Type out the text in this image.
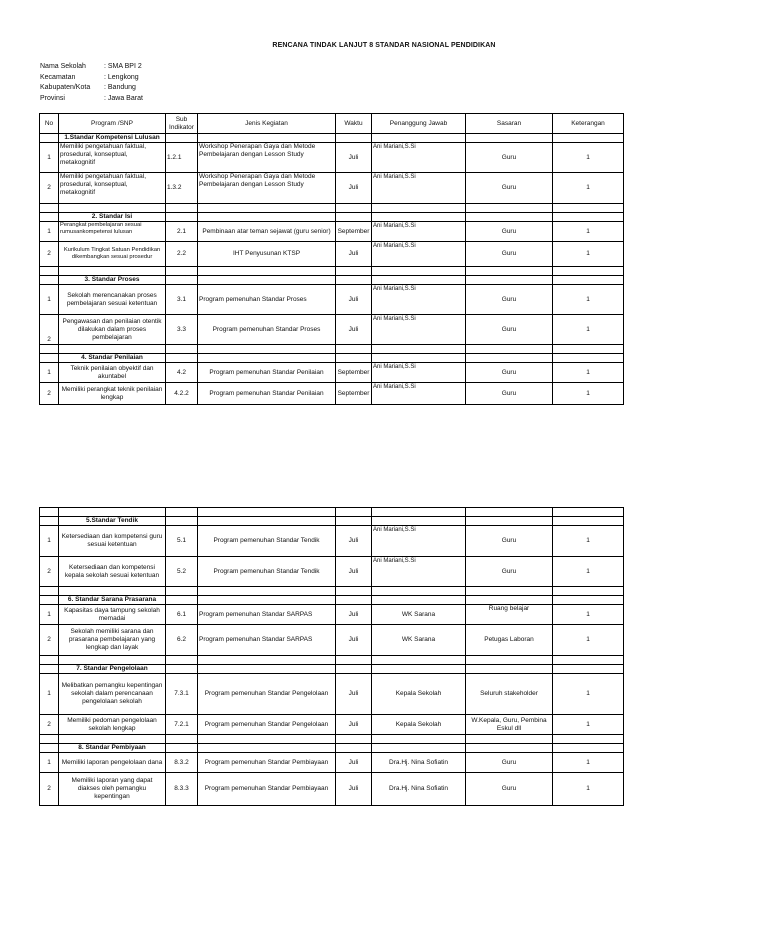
RENCANA TINDAK LANJUT 8 STANDAR NASIONAL PENDIDIKAN
Nama Sekolah	: SMA BPI 2
Kecamatan	: Lengkong
Kabupaten/Kota	: Bandung
Provinsi	: Jawa Barat
No	Program /SNP	Sub Indikator	Jenis Kegiatan	Waktu	Penanggung Jawab	Sasaran	Keterangan
	1.Standar Kompetensi Lulusan						
1	Memiliki pengetahuan faktual, prosedural, konseptual, metakognitif	1.2.1	Workshop Penerapan Gaya dan Metode Pembelajaran dengan Lesson Study	Juli	Ani Mariani,S.Si	Guru	1
2	Memiliki pengetahuan faktual, prosedural, konseptual, metakognitif	1.3.2	Workshop Penerapan Gaya dan Metode Pembelajaran dengan Lesson Study	Juli	Ani Mariani,S.Si	Guru	1

	2. Standar Isi						
1	Perangkat pembelajaran sesuai rumusankompetensi lulusan	2.1	Pembinaan atar teman sejawat (guru senior)	September	Ani Mariani,S.Si	Guru	1
2	Kurikulum Tingkat Satuan Pendidikan dikembangkan sesuai prosedur	2.2	IHT Penyusunan KTSP	Juli	Ani Mariani,S.Si	Guru	1

	3. Standar Proses						
1	Sekolah merencanakan proses pembelajaran sesuai ketentuan	3.1	Program pemenuhan Standar Proses	Juli	Ani Mariani,S.Si	Guru	1
2	Pengawasan dan penilaian otentik dilakukan dalam proses pembelajaran	3.3	Program pemenuhan Standar Proses	Juli	Ani Mariani,S.Si	Guru	1

	4. Standar Penilaian						
1	Teknik penilaian obyektif dan akuntabel	4.2	Program pemenuhan Standar Penilaian	September	Ani Mariani,S.Si	Guru	1
2	Memiliki perangkat teknik penilaian lengkap	4.2.2	Program pemenuhan Standar Penilaian	September	Ani Mariani,S.Si	Guru	1

	5.Standar Tendik						
1	Ketersediaan dan kompetensi guru sesuai ketentuan	5.1	Program pemenuhan Standar Tendik	Juli	Ani Mariani,S.Si	Guru	1
2	Ketersediaan dan kompetensi kepala sekolah sesuai ketentuan	5.2	Program pemenuhan Standar Tendik	Juli	Ani Mariani,S.Si	Guru	1

	6. Standar Sarana Prasarana						
1	Kapasitas daya tampung sekolah memadai	6.1	Program pemenuhan Standar SARPAS	Juli	WK Sarana	Ruang belajar	1
2	Sekolah memiliki sarana dan prasarana pembelajaran yang lengkap dan layak	6.2	Program pemenuhan Standar SARPAS	Juli	WK Sarana	Petugas Laboran	1

	7. Standar Pengelolaan						
1	Melibatkan pemangku kepentingan sekolah dalam perencanaan pengelolaan sekolah	7.3.1	Program pemenuhan Standar Pengelolaan	Juli	Kepala Sekolah	Seluruh stakeholder	1
2	Memiliki pedoman pengelolaan sekolah lengkap	7.2.1	Program pemenuhan Standar Pengelolaan	Juli	Kepala Sekolah	W.Kepala, Guru, Pembina Eskul dll	1

	8. Standar Pembiyaan						
1	Memiliki laporan pengelolaan dana	8.3.2	Program pemenuhan Standar Pembiayaan	Juli	Dra.Hj. Nina Sofiatin	Guru	1
2	Memiliki laporan yang dapat diakses oleh pemangku kepentingan	8.3.3	Program pemenuhan Standar Pembiayaan	Juli	Dra.Hj. Nina Sofiatin	Guru	1
